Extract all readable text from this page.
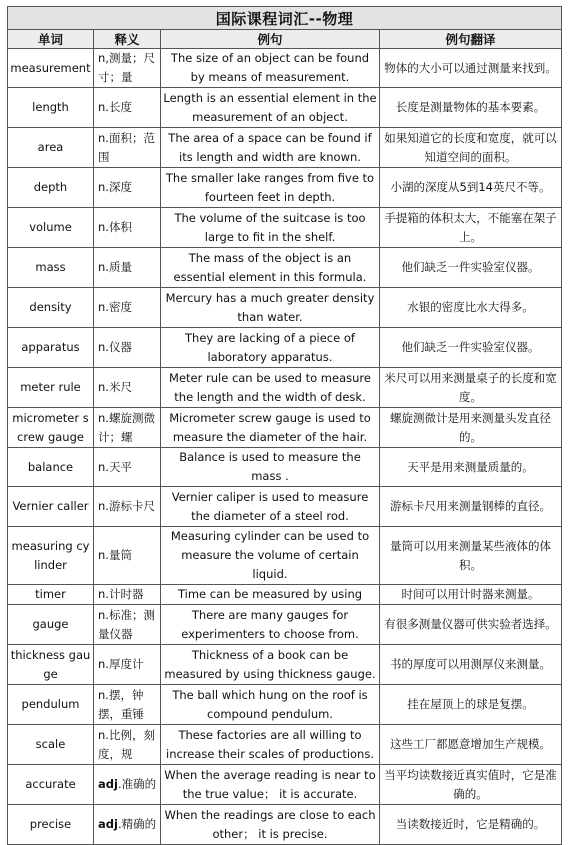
国际课程词汇--物理			
单词	释义	例句	例句翻译
measurement	n,测量；尺寸；量	The size of an object can be found by means of measurement.	物体的大小可以通过测量来找到。
length	n.长度	Length is an essential element in the measurement of an object.	长度是测量物体的基本要素。
area	n.面积；范围	The area of a space can be found if its length and width are known.	如果知道它的长度和宽度，就可以知道空间的面积。
depth	n.深度	The smaller lake ranges from five to fourteen feet in depth.	小湖的深度从5到14英尺不等。
volume	n.体积	The volume of the suitcase is too large to fit in the shelf.	手提箱的体积太大，不能塞在架子上。
mass	n.质量	The mass of the object is an essential element in this formula.	他们缺乏一件实验室仪器。
density	n.密度	Mercury has a much greater density than water.	水银的密度比水大得多。
apparatus	n.仪器	They are lacking of a piece of laboratory apparatus.	他们缺乏一件实验室仪器。
meter rule	n.米尺	Meter rule can be used to measure the length and the width of desk.	米尺可以用来测量桌子的长度和宽度。
micrometer screw gauge	n.螺旋测微计；螺	Micrometer screw gauge is used to measure the diameter of the hair.	螺旋测微计是用来测量头发直径的。
balance	n.天平	Balance is used to measure the mass .	天平是用来测量质量的。
Vernier caller	n.游标卡尺	Vernier caliper is used to measure the diameter of a steel rod.	游标卡尺用来测量钢棒的直径。
measuring cylinder	n.量筒	Measuring cylinder can be used to measure the volume of certain liquid.	量筒可以用来测量某些液体的体积。
timer	n.计时器	Time can be measured by using	时间可以用计时器来测量。
gauge	n.标准；测量仪器	There are many gauges for experimenters to choose from.	有很多测量仪器可供实验者选择。
thickness gauge	n.厚度计	Thickness of a book can be measured by using thickness gauge.	书的厚度可以用测厚仪来测量。
pendulum	n.摆，钟摆，重锤	The ball which hung on the roof is compound pendulum.	挂在屋顶上的球是复摆。
scale	n.比例，刻度，规	These factories are all willing to increase their scales of productions.	这些工厂都愿意增加生产规模。
accurate	adj.准确的	When the average reading is near to the true value； it is accurate.	当平均读数接近真实值时，它是准确的。
precise	adj.精确的	When the readings are close to each other； it is precise.	当读数接近时，它是精确的。
